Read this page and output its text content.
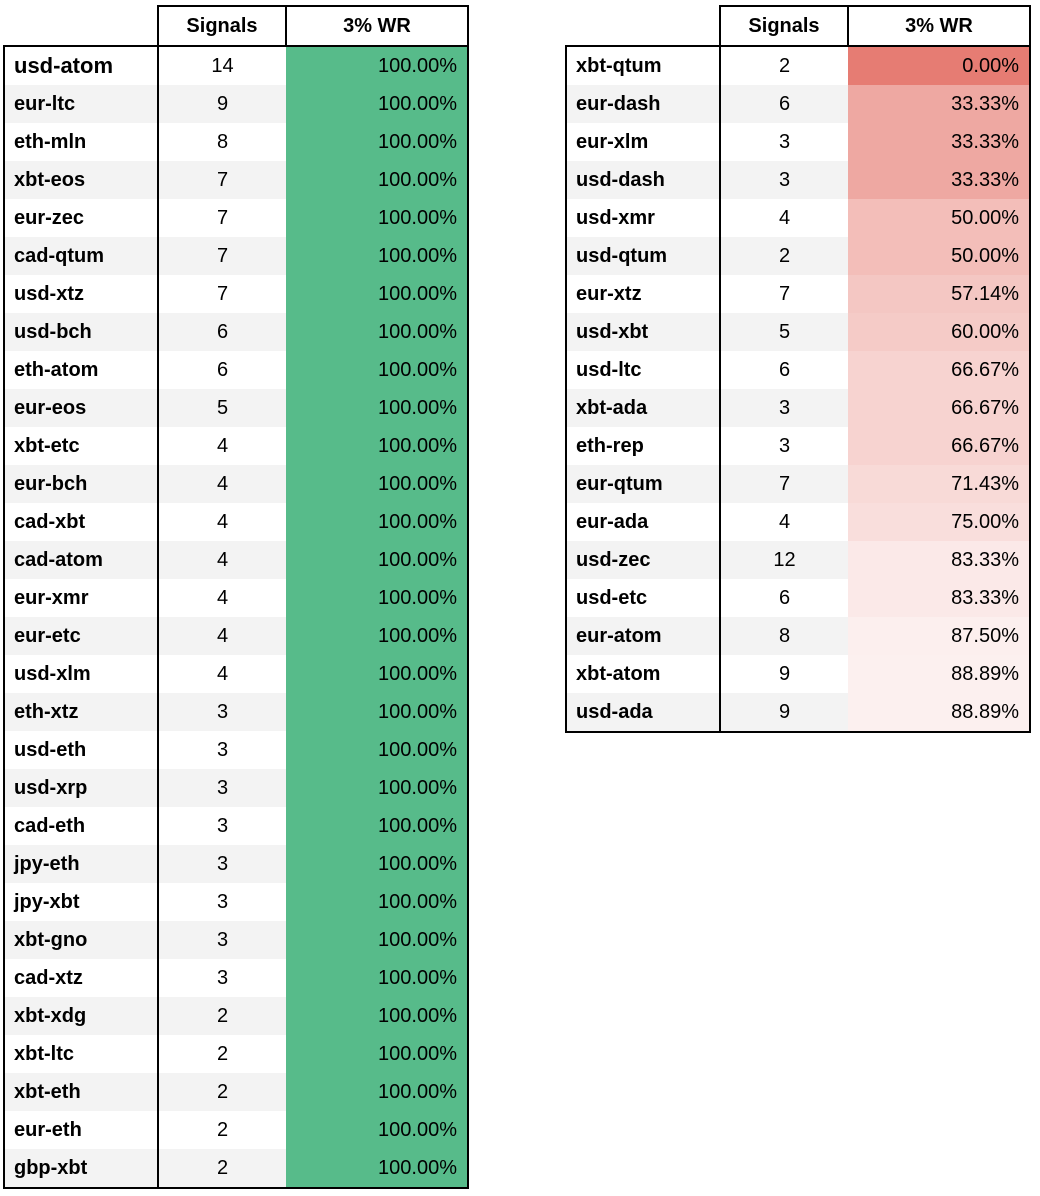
	Signals	3% WR
usd-atom	14	100.00%
eur-ltc	9	100.00%
eth-mln	8	100.00%
xbt-eos	7	100.00%
eur-zec	7	100.00%
cad-qtum	7	100.00%
usd-xtz	7	100.00%
usd-bch	6	100.00%
eth-atom	6	100.00%
eur-eos	5	100.00%
xbt-etc	4	100.00%
eur-bch	4	100.00%
cad-xbt	4	100.00%
cad-atom	4	100.00%
eur-xmr	4	100.00%
eur-etc	4	100.00%
usd-xlm	4	100.00%
eth-xtz	3	100.00%
usd-eth	3	100.00%
usd-xrp	3	100.00%
cad-eth	3	100.00%
jpy-eth	3	100.00%
jpy-xbt	3	100.00%
xbt-gno	3	100.00%
cad-xtz	3	100.00%
xbt-xdg	2	100.00%
xbt-ltc	2	100.00%
xbt-eth	2	100.00%
eur-eth	2	100.00%
gbp-xbt	2	100.00%
	Signals	3% WR
xbt-qtum	2	0.00%
eur-dash	6	33.33%
eur-xlm	3	33.33%
usd-dash	3	33.33%
usd-xmr	4	50.00%
usd-qtum	2	50.00%
eur-xtz	7	57.14%
usd-xbt	5	60.00%
usd-ltc	6	66.67%
xbt-ada	3	66.67%
eth-rep	3	66.67%
eur-qtum	7	71.43%
eur-ada	4	75.00%
usd-zec	12	83.33%
usd-etc	6	83.33%
eur-atom	8	87.50%
xbt-atom	9	88.89%
usd-ada	9	88.89%
